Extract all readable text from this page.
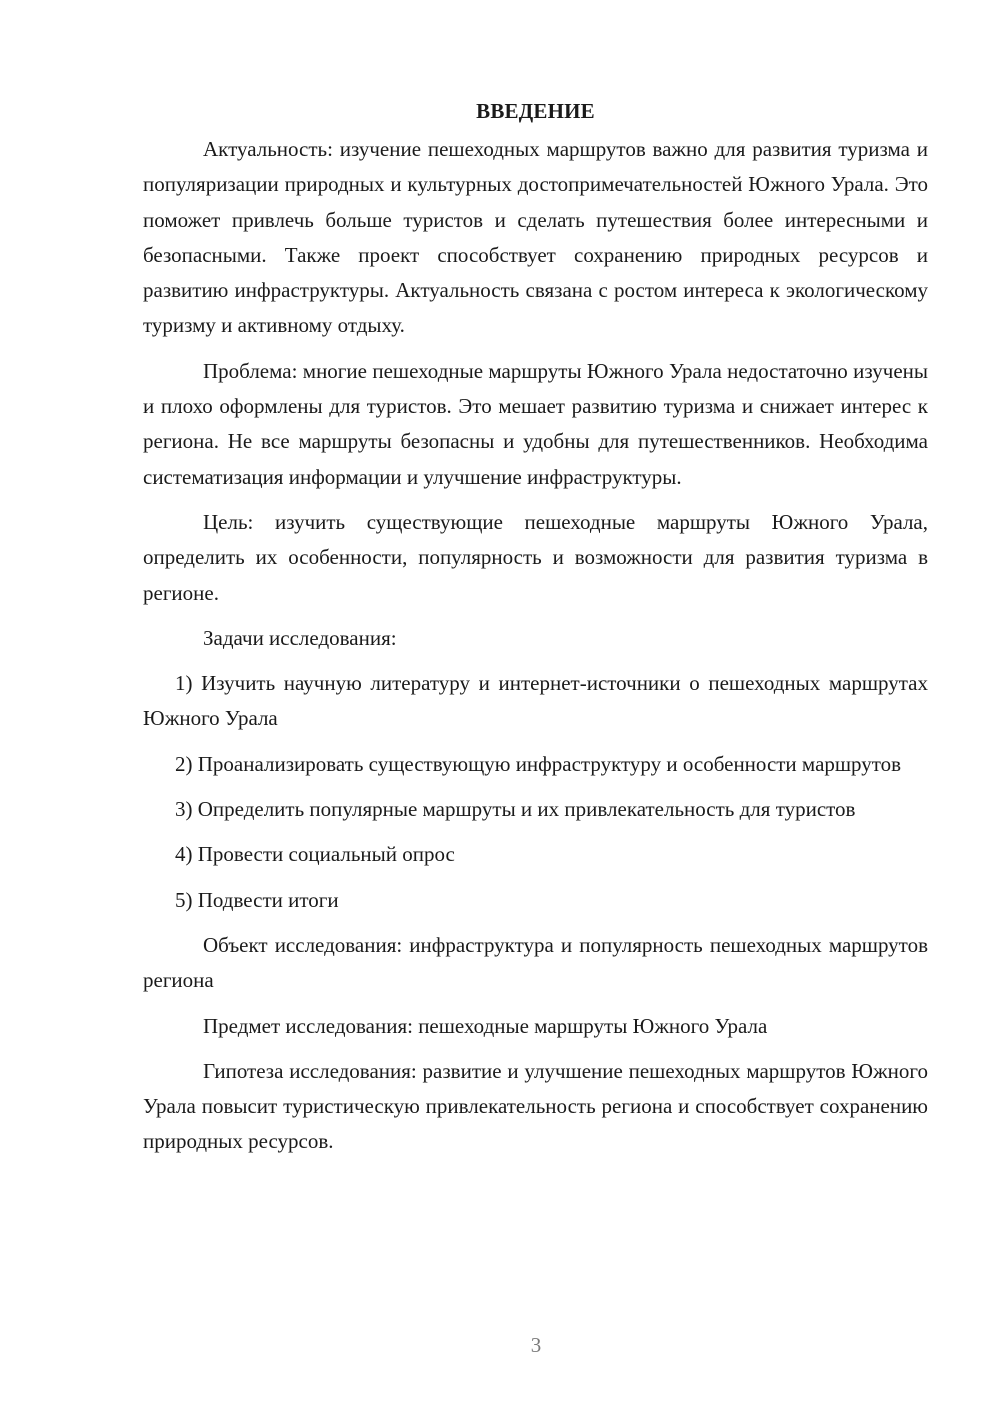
ВВЕДЕНИЕ

Актуальность: изучение пешеходных маршрутов важно для развития туризма и популяризации природных и культурных достопримечательностей Южного Урала. Это поможет привлечь больше туристов и сделать путешествия более интересными и безопасными. Также проект способствует сохранению природных ресурсов и развитию инфраструктуры. Актуальность связана с ростом интереса к экологическому туризму и активному отдыху.

Проблема: многие пешеходные маршруты Южного Урала недостаточно изучены и плохо оформлены для туристов. Это мешает развитию туризма и снижает интерес к региона. Не все маршруты безопасны и удобны для путешественников. Необходима систематизация информации и улучшение инфраструктуры.

Цель: изучить существующие пешеходные маршруты Южного Урала, определить их особенности, популярность и возможности для развития туризма в регионе.

Задачи исследования:

1) Изучить научную литературу и интернет-источники о пешеходных маршрутах Южного Урала

2) Проанализировать существующую инфраструктуру и особенности маршрутов

3) Определить популярные маршруты и их привлекательность для туристов

4) Провести социальный опрос

5) Подвести итоги

Объект исследования: инфраструктура и популярность пешеходных маршрутов региона

Предмет исследования: пешеходные маршруты Южного Урала

Гипотеза исследования: развитие и улучшение пешеходных маршрутов Южного Урала повысит туристическую привлекательность региона и способствует сохранению природных ресурсов.

3
